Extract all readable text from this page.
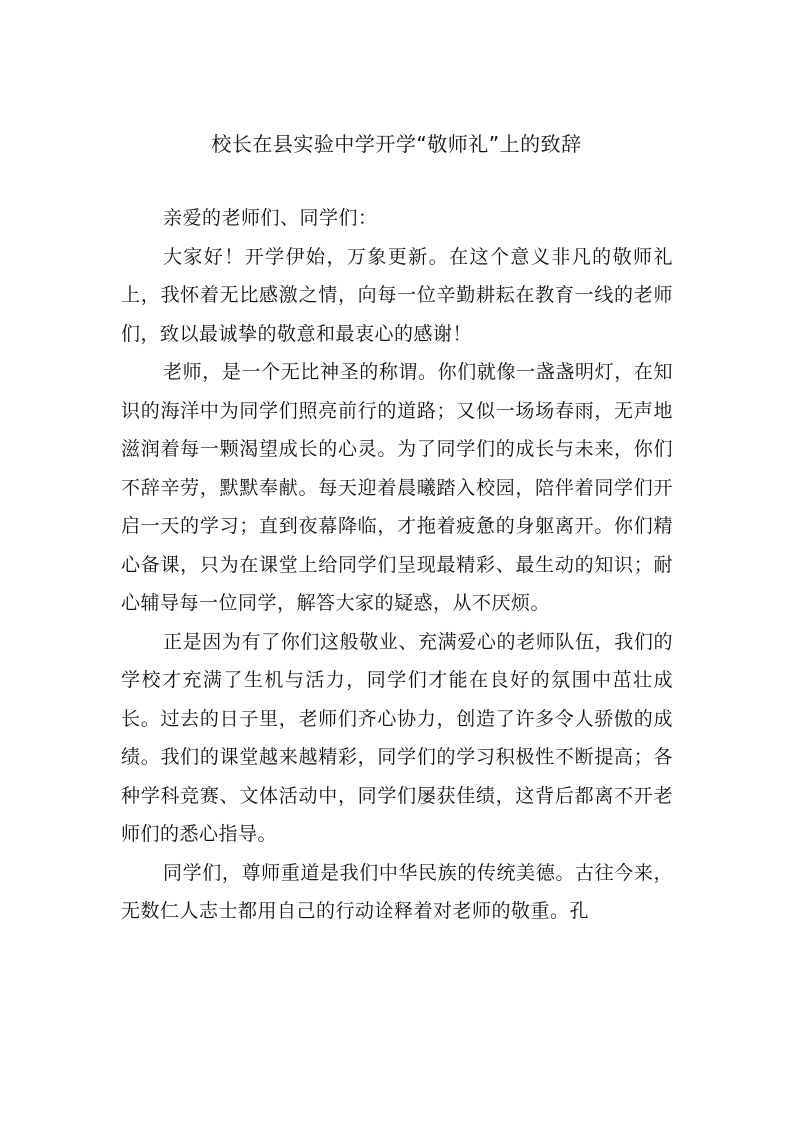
校长在县实验中学开学“敬师礼”上的致辞

亲爱的老师们、同学们：

大家好！开学伊始，万象更新。在这个意义非凡的敬师礼上，我怀着无比感激之情，向每一位辛勤耕耘在教育一线的老师们，致以最诚挚的敬意和最衷心的感谢！

老师，是一个无比神圣的称谓。你们就像一盏盏明灯，在知识的海洋中为同学们照亮前行的道路；又似一场场春雨，无声地滋润着每一颗渴望成长的心灵。为了同学们的成长与未来，你们不辞辛劳，默默奉献。每天迎着晨曦踏入校园，陪伴着同学们开启一天的学习；直到夜幕降临，才拖着疲惫的身躯离开。你们精心备课，只为在课堂上给同学们呈现最精彩、最生动的知识；耐心辅导每一位同学，解答大家的疑惑，从不厌烦。

正是因为有了你们这般敬业、充满爱心的老师队伍，我们的学校才充满了生机与活力，同学们才能在良好的氛围中茁壮成长。过去的日子里，老师们齐心协力，创造了许多令人骄傲的成绩。我们的课堂越来越精彩，同学们的学习积极性不断提高；各种学科竞赛、文体活动中，同学们屡获佳绩，这背后都离不开老师们的悉心指导。

同学们，尊师重道是我们中华民族的传统美德。古往今来，无数仁人志士都用自己的行动诠释着对老师的敬重。孔
